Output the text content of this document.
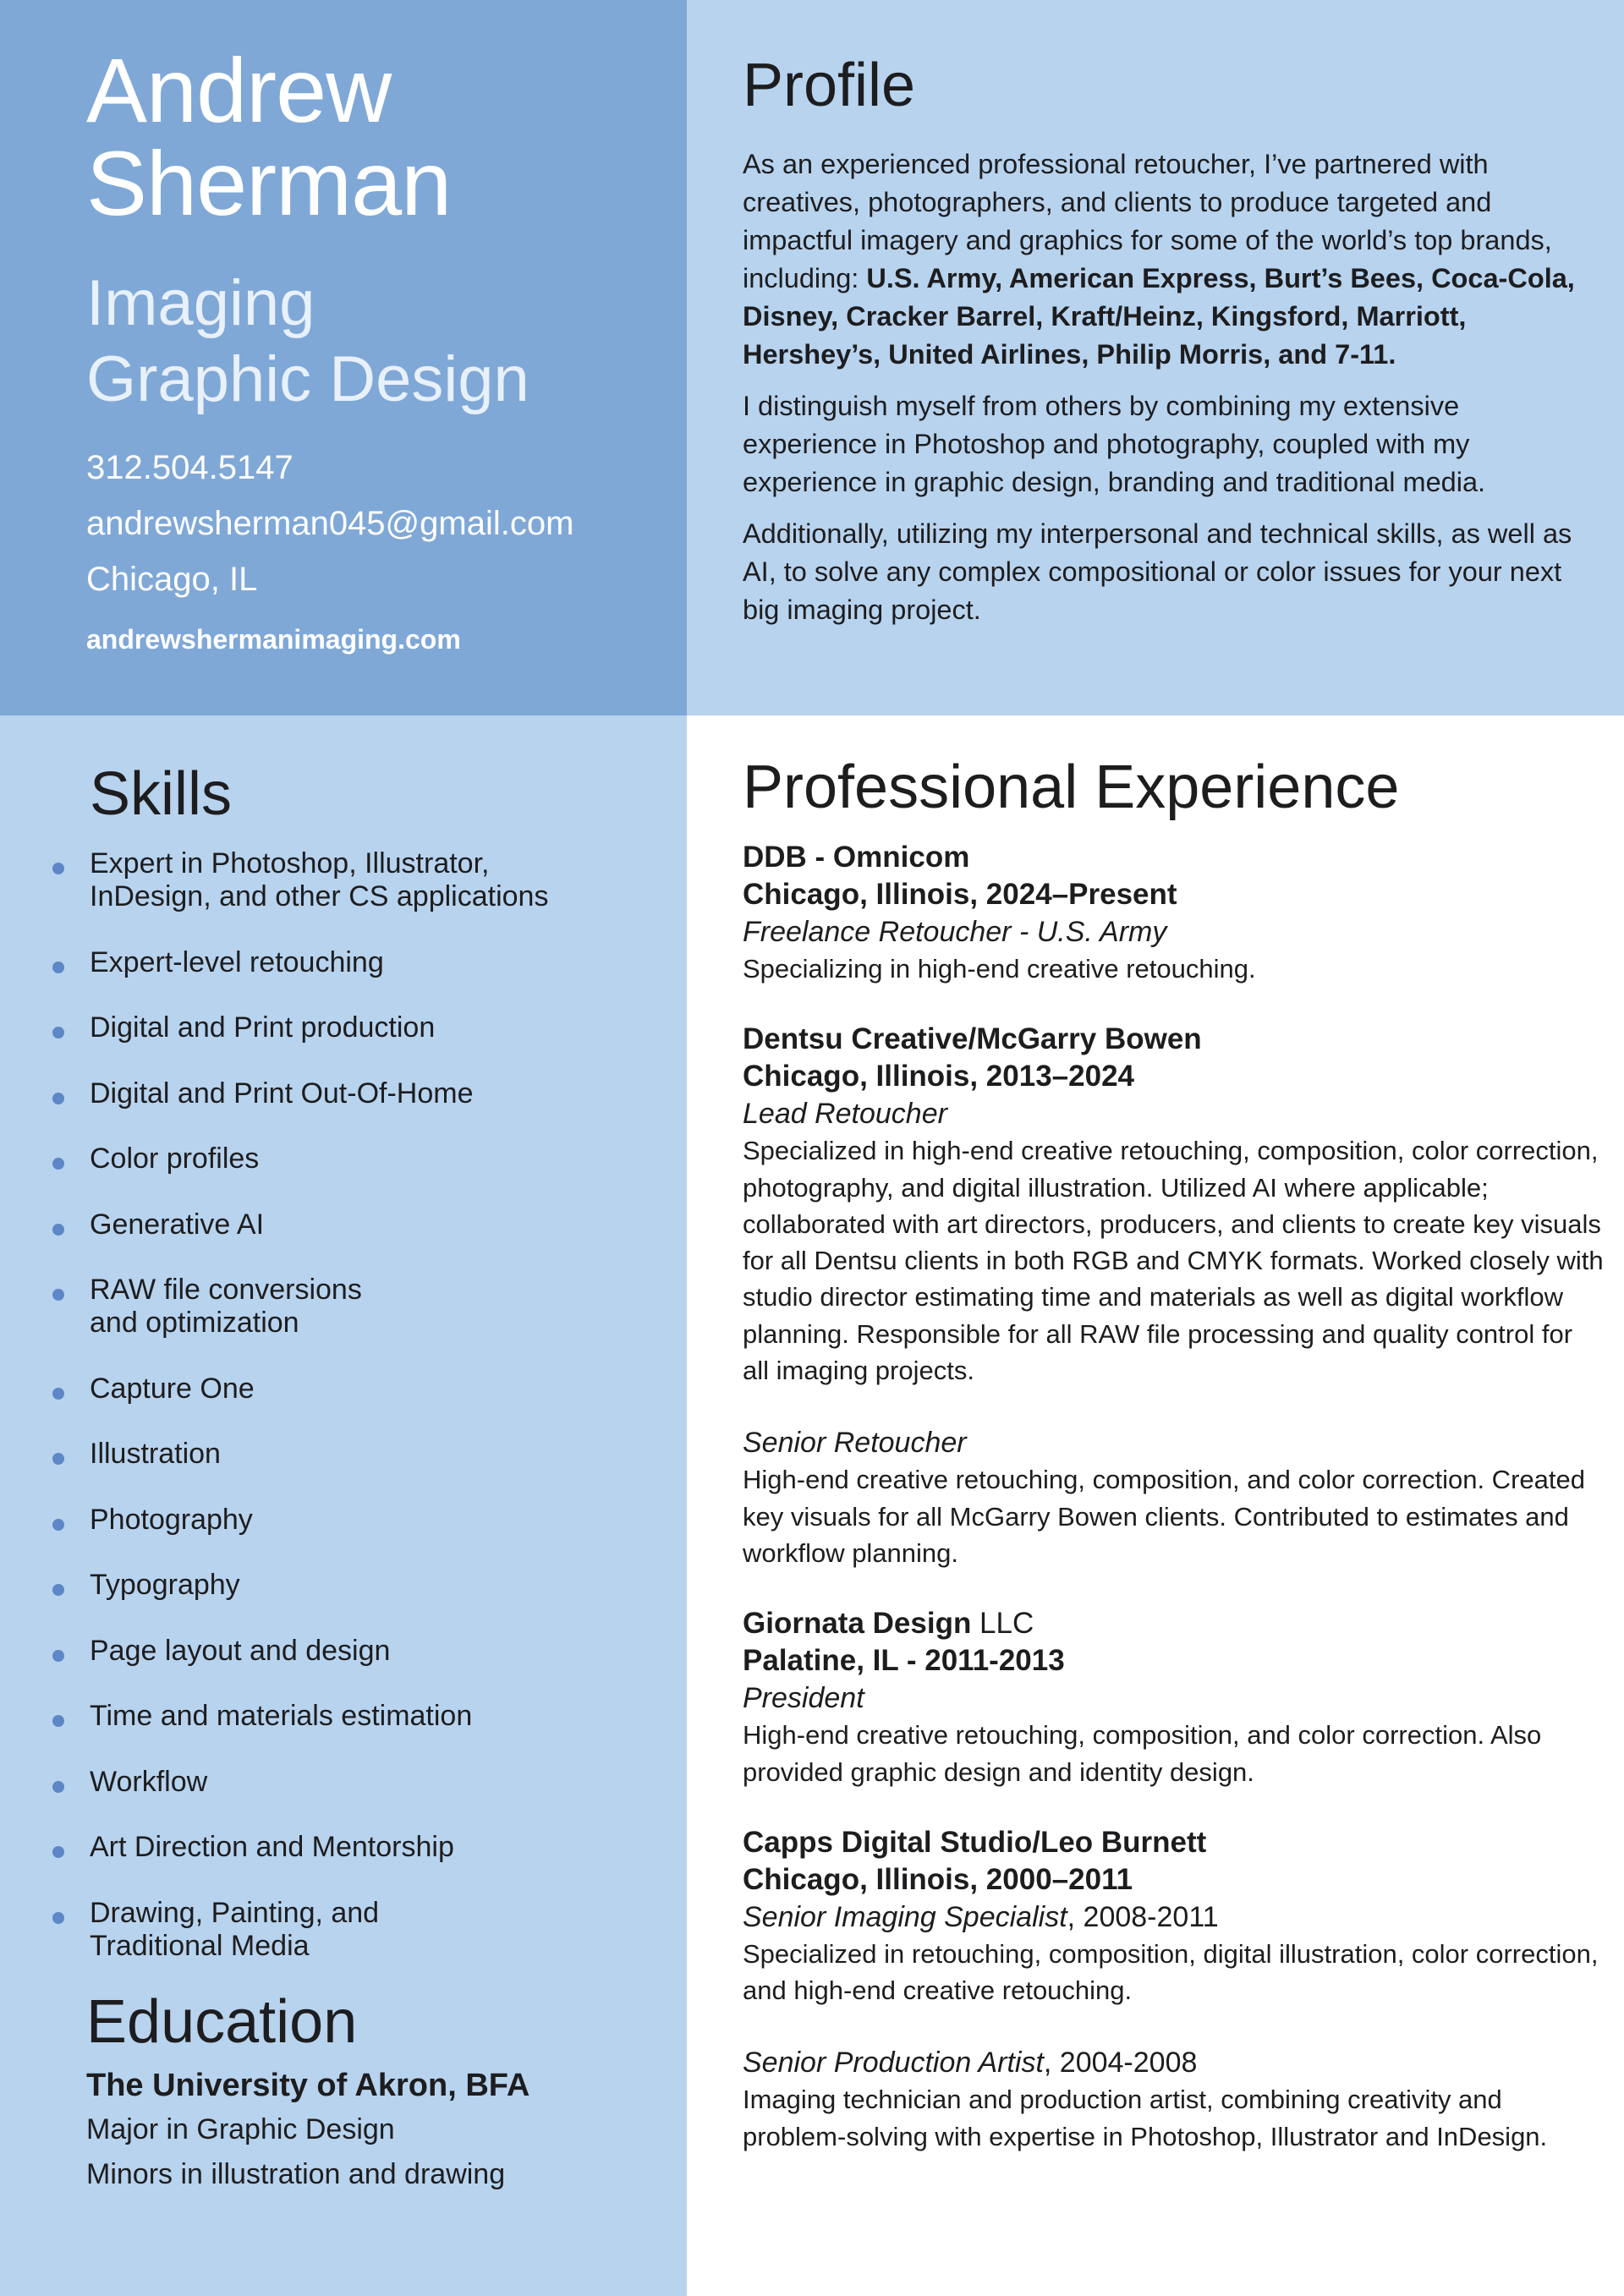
Andrew
Sherman
Imaging
Graphic Design
312.504.5147
andrewsherman045@gmail.com
Chicago, IL
andrewshermanimaging.com
Profile

As an experienced professional retoucher, I’ve partnered with creatives, photographers, and clients to produce targeted and impactful imagery and graphics for some of the world’s top brands, including: U.S. Army, American Express, Burt’s Bees, Coca-Cola, Disney, Cracker Barrel, Kraft/Heinz, Kingsford, Marriott, Hershey’s, United Airlines, Philip Morris, and 7-11.

I distinguish myself from others by combining my extensive experience in Photoshop and photography, coupled with my experience in graphic design, branding and traditional media.

Additionally, utilizing my interpersonal and technical skills, as well as AI, to solve any complex compositional or color issues for your next big imaging project.

Skills
Expert in Photoshop, Illustrator,
InDesign, and other CS applications
Expert-level retouching
Digital and Print production
Digital and Print Out-Of-Home
Color profiles
Generative AI
RAW file conversions
and optimization
Capture One
Illustration
Photography
Typography
Page layout and design
Time and materials estimation
Workflow
Art Direction and Mentorship
Drawing, Painting, and
Traditional Media
Education
The University of Akron, BFA
Major in Graphic Design
Minors in illustration and drawing
Professional Experience
DDB - Omnicom
Chicago, Illinois, 2024–Present
Freelance Retoucher - U.S. Army

Specializing in high-end creative retouching.

Dentsu Creative/McGarry Bowen
Chicago, Illinois, 2013–2024
Lead Retoucher

Specialized in high-end creative retouching, composition, color correction, photography, and digital illustration. Utilized AI where applicable; collaborated with art directors, producers, and clients to create key visuals for all Dentsu clients in both RGB and CMYK formats. Worked closely with studio director estimating time and materials as well as digital workflow planning. Responsible for all RAW file processing and quality control for all imaging projects.

Senior Retoucher

High-end creative retouching, composition, and color correction. Created key visuals for all McGarry Bowen clients. Contributed to estimates and workflow planning.

Giornata Design LLC
Palatine, IL - 2011-2013
President

High-end creative retouching, composition, and color correction. Also provided graphic design and identity design.

Capps Digital Studio/Leo Burnett
Chicago, Illinois, 2000–2011
Senior Imaging Specialist, 2008-2011

Specialized in retouching, composition, digital illustration, color correction, and high-end creative retouching.

Senior Production Artist, 2004-2008

Imaging technician and production artist, combining creativity and problem-solving with expertise in Photoshop, Illustrator and InDesign.
